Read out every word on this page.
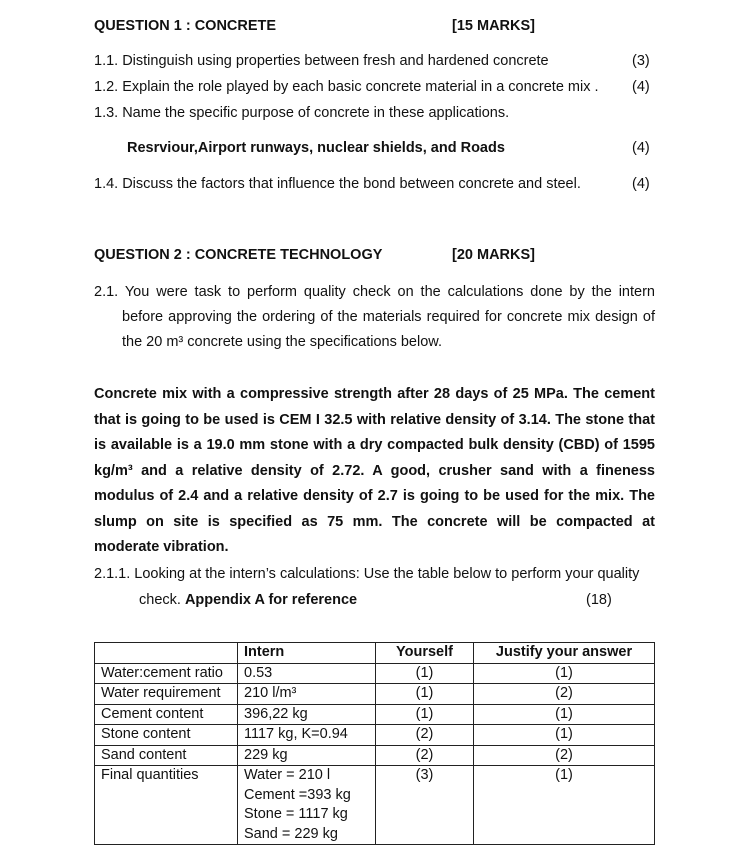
QUESTION 1 : CONCRETE	[15 MARKS]
1.1. Distinguish using properties between fresh and hardened concrete	(3)
1.2. Explain the role played by each basic concrete material in a concrete mix . (4)
1.3. Name the specific purpose of concrete in these applications.
Resrviour,Airport runways, nuclear shields, and Roads	(4)
1.4. Discuss the factors that influence the bond between concrete and steel.	(4)
QUESTION 2 : CONCRETE TECHNOLOGY	[20 MARKS]
2.1. You were task to perform quality check on the calculations done by the intern
before approving the ordering of the materials required for concrete mix design of
the 20 m³ concrete using the specifications below.
Concrete mix with a compressive strength after 28 days of 25 MPa. The cement
that is going to be used is CEM I 32.5 with relative density of 3.14. The stone that
is available is a 19.0 mm stone with a dry compacted bulk density (CBD) of 1595
kg/m³ and a relative density of 2.72. A good, crusher sand with a fineness
modulus of 2.4 and a relative density of 2.7 is going to be used for the mix. The
slump on site is specified as 75 mm. The concrete will be compacted at
moderate vibration.
2.1.1. Looking at the intern’s calculations: Use the table below to perform your quality
check. Appendix A for reference	(18)
	Intern	Yourself	Justify your answer
Water:cement ratio	0.53	(1)	(1)
Water requirement	210 l/m³	(1)	(2)
Cement content	396,22 kg	(1)	(1)
Stone content	1117 kg, K=0.94	(2)	(1)
Sand content	229 kg	(2)	(2)
Final quantities	Water = 210 l
Cement =393 kg
Stone = 1117 kg
Sand = 229 kg	(3)	(1)
